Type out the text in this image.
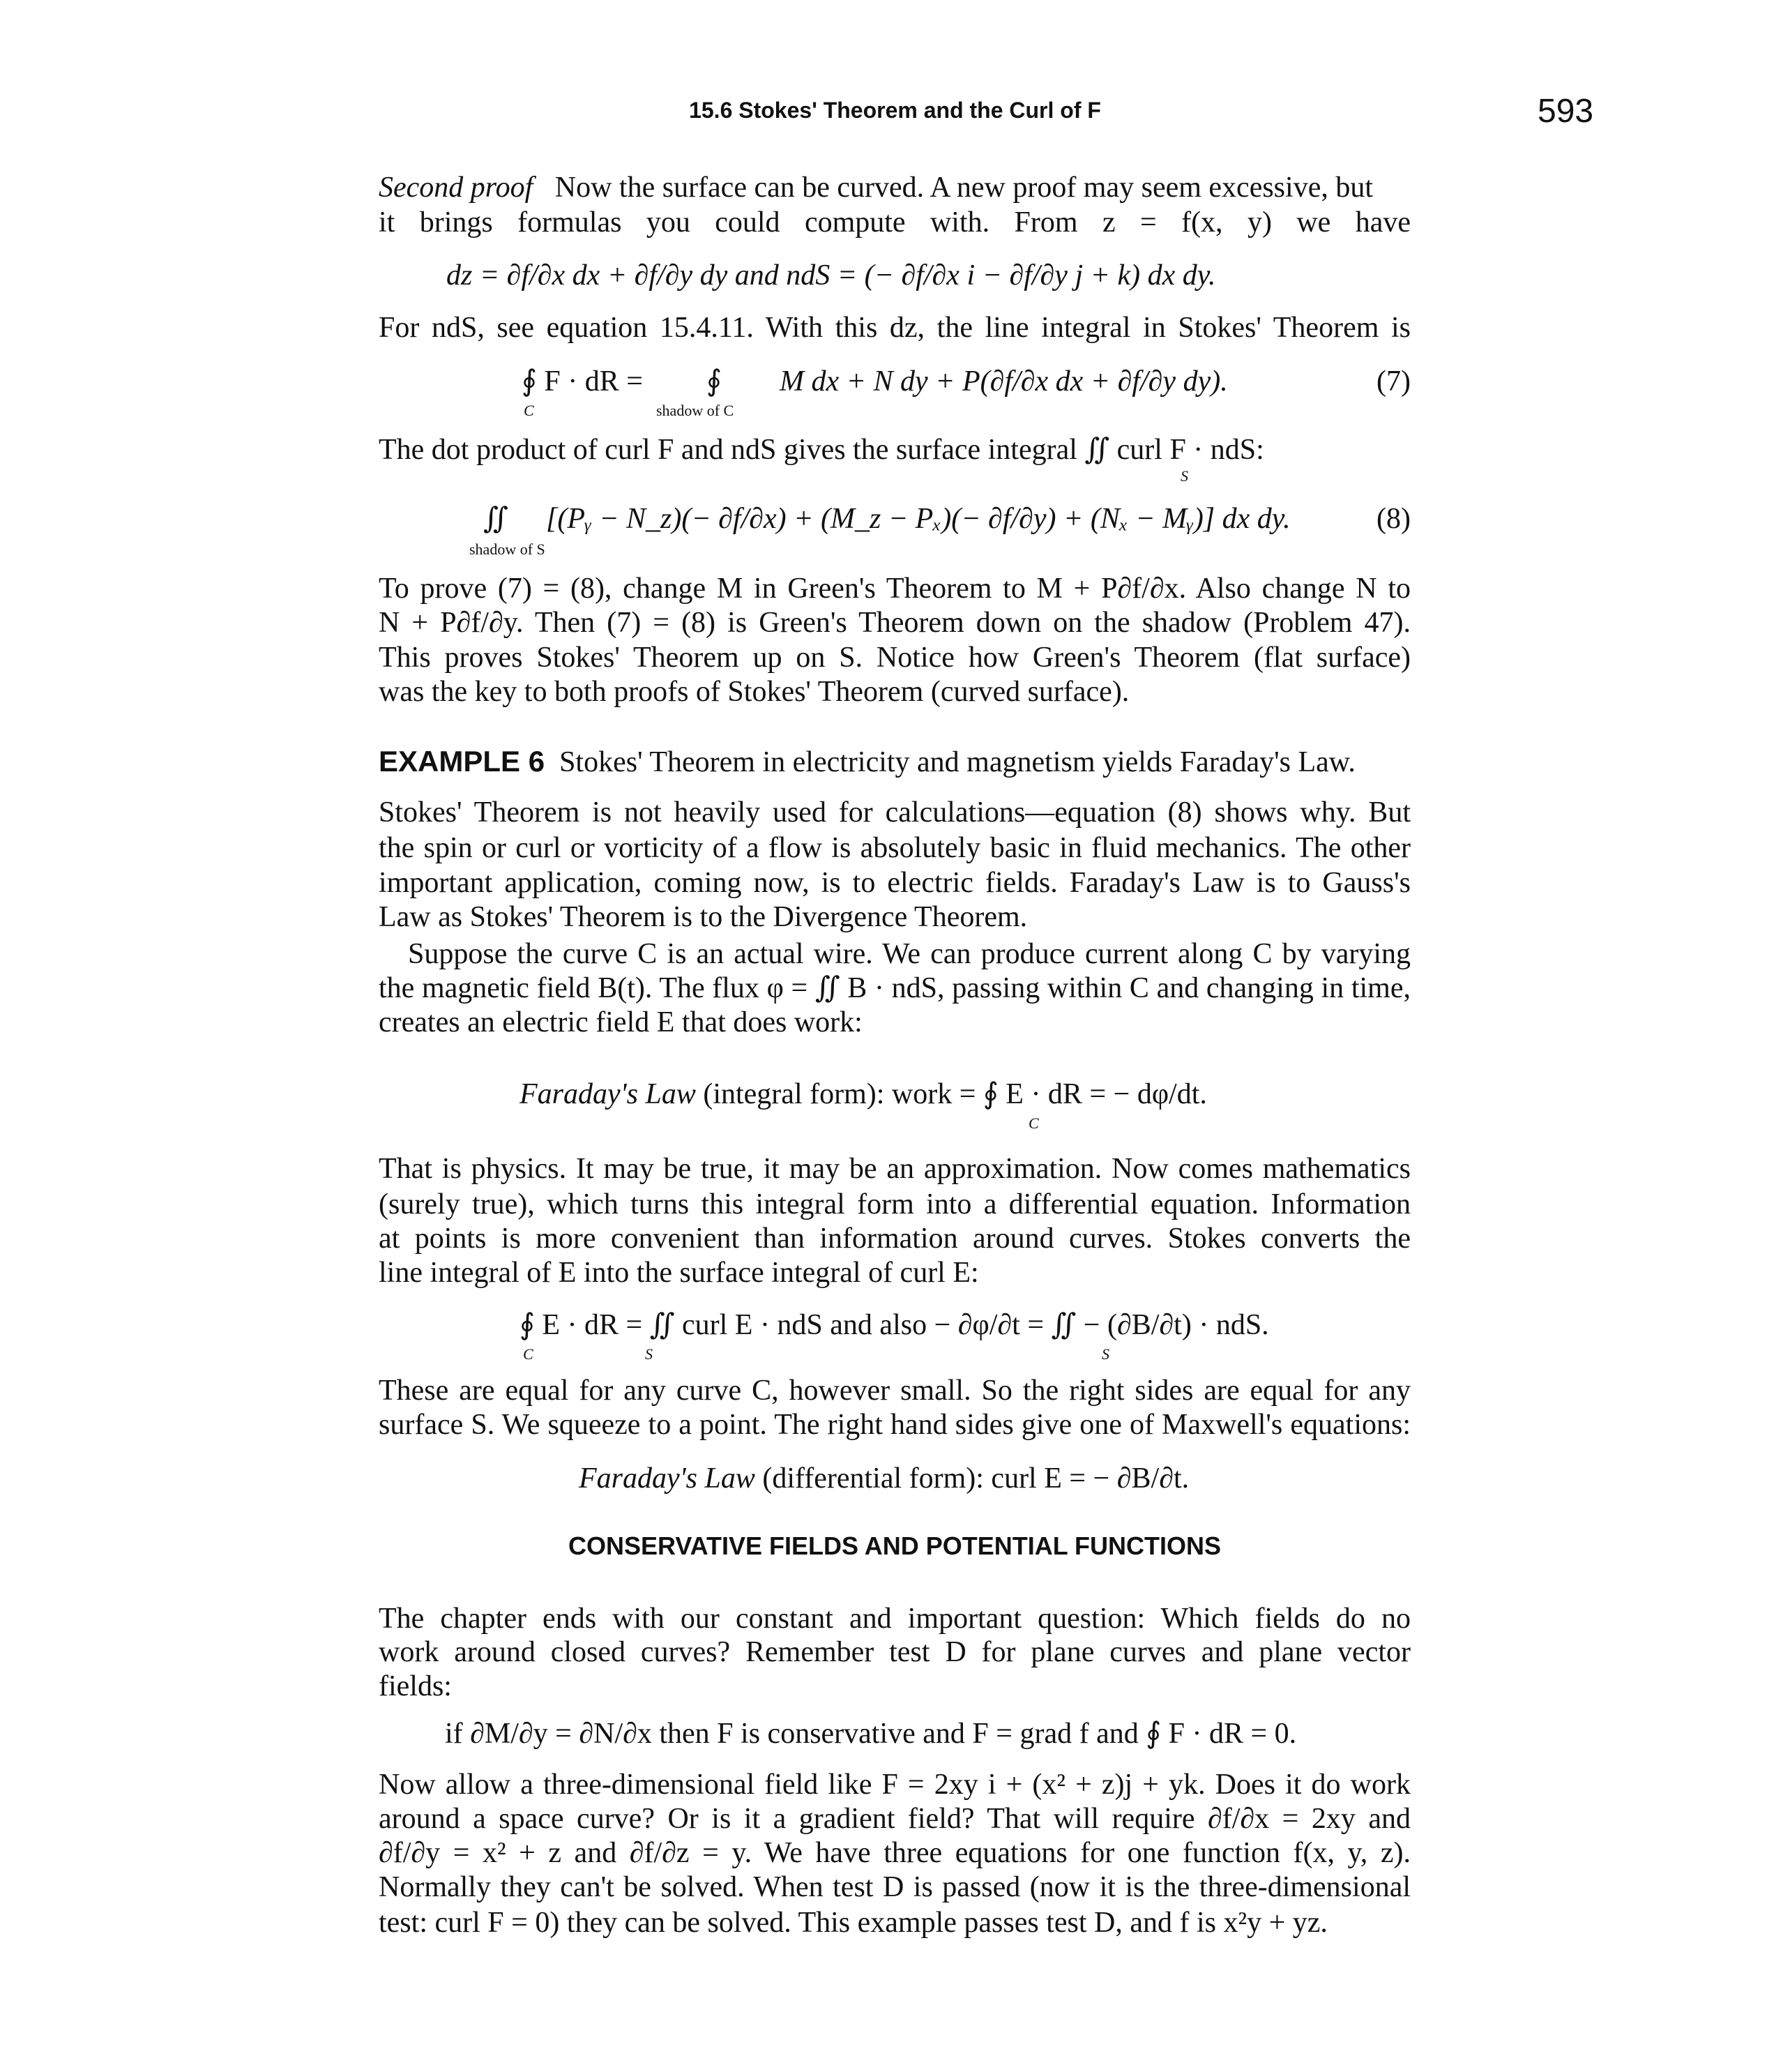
15.6 Stokes' Theorem and the Curl of F	593
Second proof Now the surface can be curved. A new proof may seem excessive, but
it brings formulas you could compute with. From z = f(x, y) we have
dz = ∂f/∂x dx + ∂f/∂y dy and ndS = (− ∂f/∂x i − ∂f/∂y j + k) dx dy.
For ndS, see equation 15.4.11. With this dz, the line integral in Stokes' Theorem is
∮ F · dR =
C
∮
shadow of C
M dx + N dy + P(∂f/∂x dx + ∂f/∂y dy).	(7)
The dot product of curl F and ndS gives the surface integral ∬ curl F · ndS:
S
∬
shadow of S
[(Pᵧ − N_z)(− ∂f/∂x) + (M_z − Pₓ)(− ∂f/∂y) + (Nₓ − Mᵧ)] dx dy.	(8)
To prove (7) = (8), change M in Green's Theorem to M + P∂f/∂x. Also change N to
N + P∂f/∂y. Then (7) = (8) is Green's Theorem down on the shadow (Problem 47).
This proves Stokes' Theorem up on S. Notice how Green's Theorem (flat surface)
was the key to both proofs of Stokes' Theorem (curved surface).
EXAMPLE 6 Stokes' Theorem in electricity and magnetism yields Faraday's Law.
Stokes' Theorem is not heavily used for calculations—equation (8) shows why. But
the spin or curl or vorticity of a flow is absolutely basic in fluid mechanics. The other
important application, coming now, is to electric fields. Faraday's Law is to Gauss's
Law as Stokes' Theorem is to the Divergence Theorem.
Suppose the curve C is an actual wire. We can produce current along C by varying
the magnetic field B(t). The flux φ = ∬ B · ndS, passing within C and changing in time,
creates an electric field E that does work:
Faraday's Law (integral form): work = ∮ E · dR = − dφ/dt.
C
That is physics. It may be true, it may be an approximation. Now comes mathematics
(surely true), which turns this integral form into a differential equation. Information
at points is more convenient than information around curves. Stokes converts the
line integral of E into the surface integral of curl E:
∮ E · dR = ∬ curl E · ndS and also − ∂φ/∂t = ∬ − (∂B/∂t) · ndS.
C	S	S
These are equal for any curve C, however small. So the right sides are equal for any
surface S. We squeeze to a point. The right hand sides give one of Maxwell's equations:
Faraday's Law (differential form): curl E = − ∂B/∂t.
CONSERVATIVE FIELDS AND POTENTIAL FUNCTIONS
The chapter ends with our constant and important question: Which fields do no
work around closed curves? Remember test D for plane curves and plane vector
fields:
if ∂M/∂y = ∂N/∂x then F is conservative and F = grad f and ∮ F · dR = 0.
Now allow a three-dimensional field like F = 2xy i + (x² + z)j + yk. Does it do work
around a space curve? Or is it a gradient field? That will require ∂f/∂x = 2xy and
∂f/∂y = x² + z and ∂f/∂z = y. We have three equations for one function f(x, y, z).
Normally they can't be solved. When test D is passed (now it is the three-dimensional
test: curl F = 0) they can be solved. This example passes test D, and f is x²y + yz.
